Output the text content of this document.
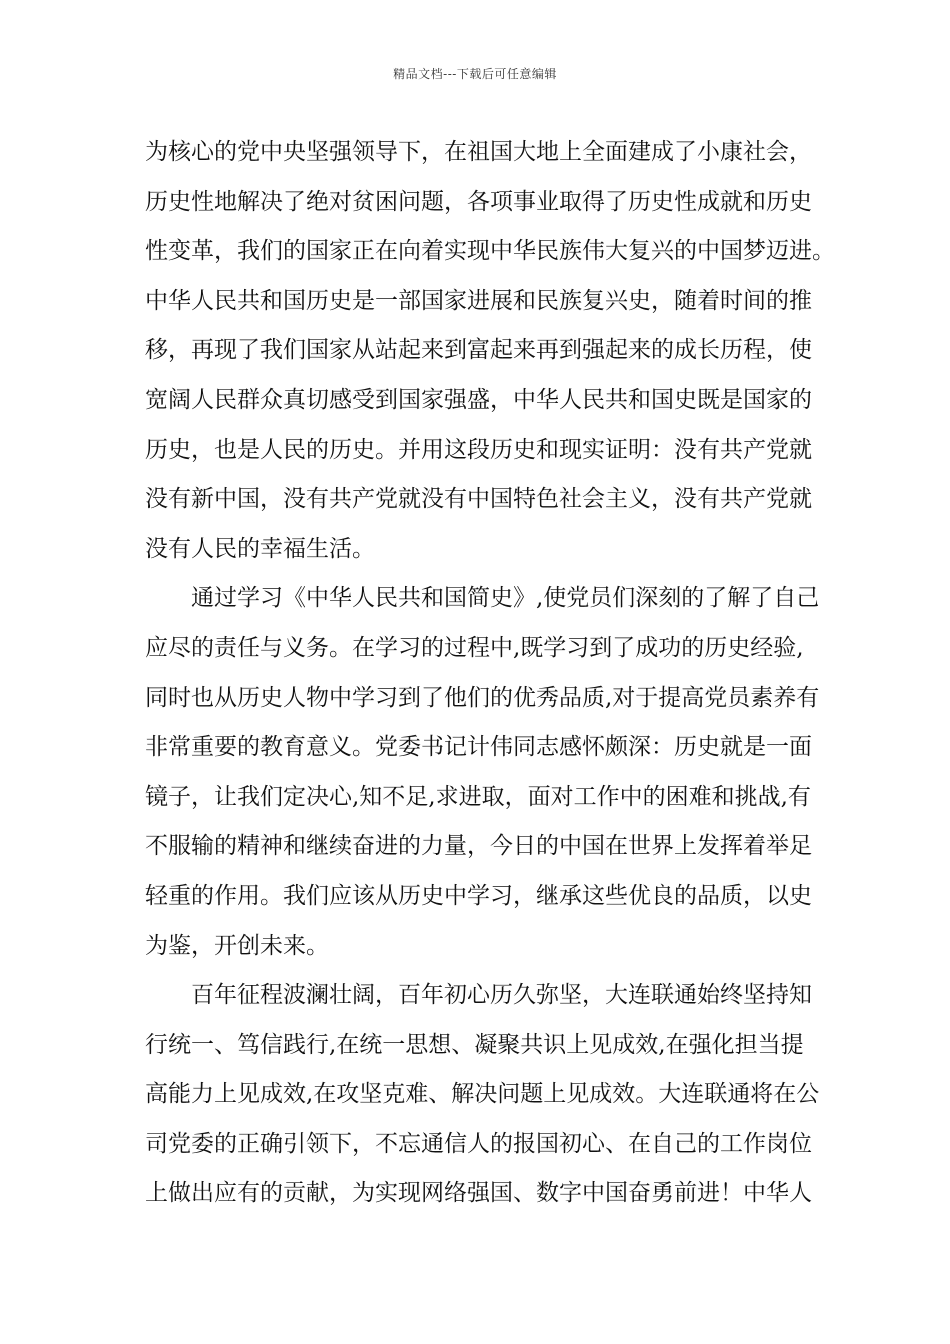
精品文档---下载后可任意编辑
为核心的党中央坚强领导下，在祖国大地上全面建成了小康社会，
历史性地解决了绝对贫困问题，各项事业取得了历史性成就和历史
性变革，我们的国家正在向着实现中华民族伟大复兴的中国梦迈进。
中华人民共和国历史是一部国家进展和民族复兴史，随着时间的推
移，再现了我们国家从站起来到富起来再到强起来的成长历程，使
宽阔人民群众真切感受到国家强盛，中华人民共和国史既是国家的
历史，也是人民的历史。并用这段历史和现实证明：没有共产党就
没有新中国，没有共产党就没有中国特色社会主义，没有共产党就
没有人民的幸福生活。
通过学习《中华人民共和国简史》,使党员们深刻的了解了自己
应尽的责任与义务。在学习的过程中,既学习到了成功的历史经验,
同时也从历史人物中学习到了他们的优秀品质,对于提高党员素养有
非常重要的教育意义。党委书记计伟同志感怀颇深：历史就是一面
镜子，让我们定决心,知不足,求进取，面对工作中的困难和挑战,有
不服输的精神和继续奋进的力量，今日的中国在世界上发挥着举足
轻重的作用。我们应该从历史中学习，继承这些优良的品质，以史
为鉴，开创未来。
百年征程波澜壮阔，百年初心历久弥坚，大连联通始终坚持知
行统一、笃信践行,在统一思想、凝聚共识上见成效,在强化担当提
高能力上见成效,在攻坚克难、解决问题上见成效。大连联通将在公
司党委的正确引领下，不忘通信人的报国初心、在自己的工作岗位
上做出应有的贡献，为实现网络强国、数字中国奋勇前进！中华人
